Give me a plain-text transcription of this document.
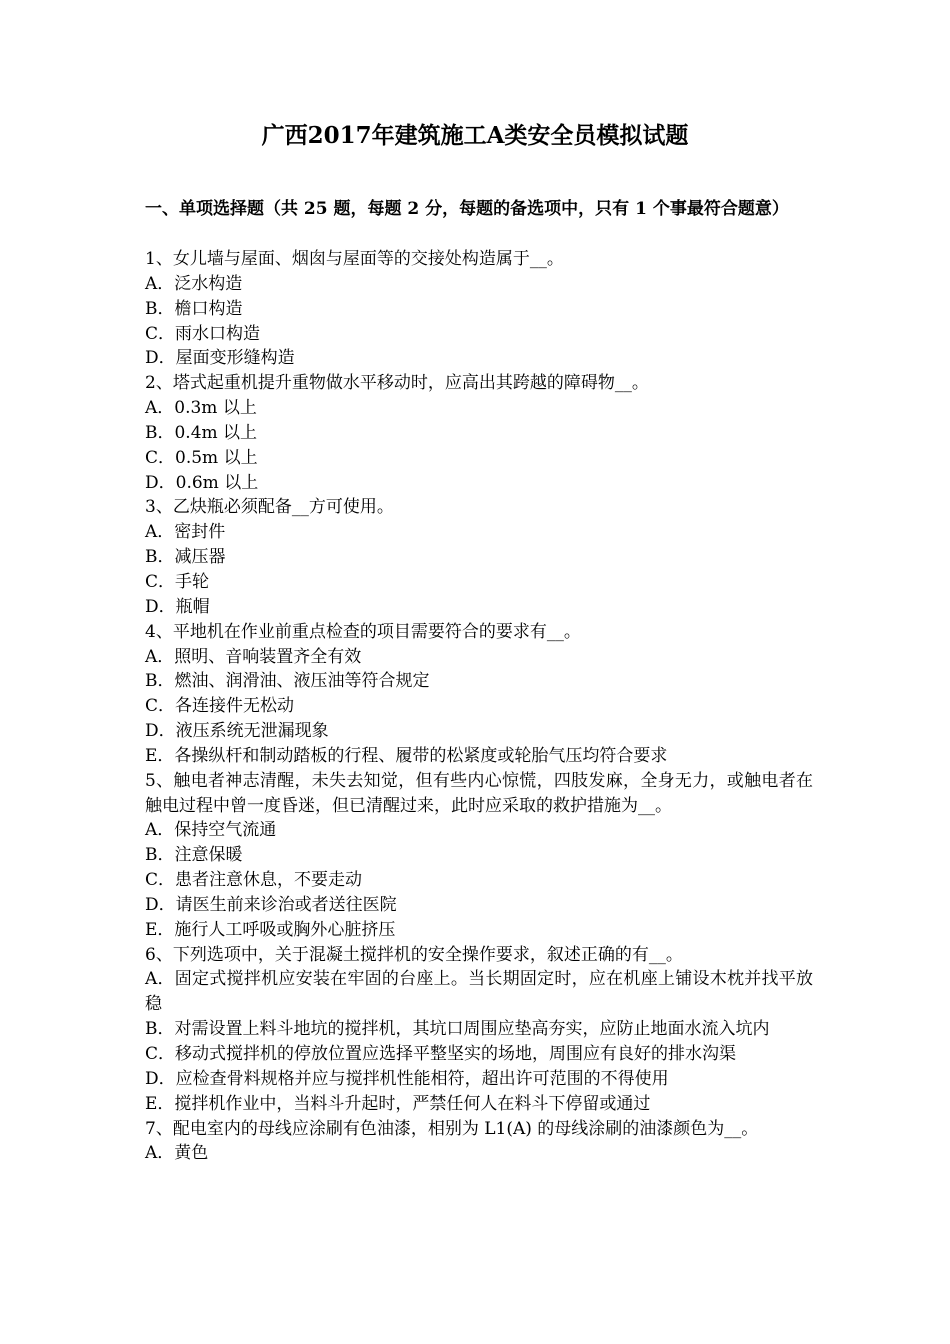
广西2017年建筑施工A类安全员模拟试题

一、单项选择题（共 25 题，每题 2 分，每题的备选项中，只有 1 个事最符合题意）

1、女儿墙与屋面、烟囱与屋面等的交接处构造属于__。

A．泛水构造

B．檐口构造

C．雨水口构造

D．屋面变形缝构造

2、塔式起重机提升重物做水平移动时，应高出其跨越的障碍物__。

A．0.3m 以上

B．0.4m 以上

C．0.5m 以上

D．0.6m 以上

3、乙炔瓶必须配备__方可使用。

A．密封件

B．减压器

C．手轮

D．瓶帽

4、平地机在作业前重点检查的项目需要符合的要求有__。

A．照明、音响装置齐全有效

B．燃油、润滑油、液压油等符合规定

C．各连接件无松动

D．液压系统无泄漏现象

E．各操纵杆和制动踏板的行程、履带的松紧度或轮胎气压均符合要求

5、触电者神志清醒，未失去知觉，但有些内心惊慌，四肢发麻，全身无力，或触电者在触电过程中曾一度昏迷，但已清醒过来，此时应采取的救护措施为__。

A．保持空气流通

B．注意保暖

C．患者注意休息，不要走动

D．请医生前来诊治或者送往医院

E．施行人工呼吸或胸外心脏挤压

6、下列选项中，关于混凝土搅拌机的安全操作要求，叙述正确的有__。

A．固定式搅拌机应安装在牢固的台座上。当长期固定时，应在机座上铺设木枕并找平放稳

B．对需设置上料斗地坑的搅拌机，其坑口周围应垫高夯实，应防止地面水流入坑内

C．移动式搅拌机的停放位置应选择平整坚实的场地，周围应有良好的排水沟渠

D．应检查骨料规格并应与搅拌机性能相符，超出许可范围的不得使用

E．搅拌机作业中，当料斗升起时，严禁任何人在料斗下停留或通过

7、配电室内的母线应涂刷有色油漆，相别为 L1(A) 的母线涂刷的油漆颜色为__。

A．黄色
